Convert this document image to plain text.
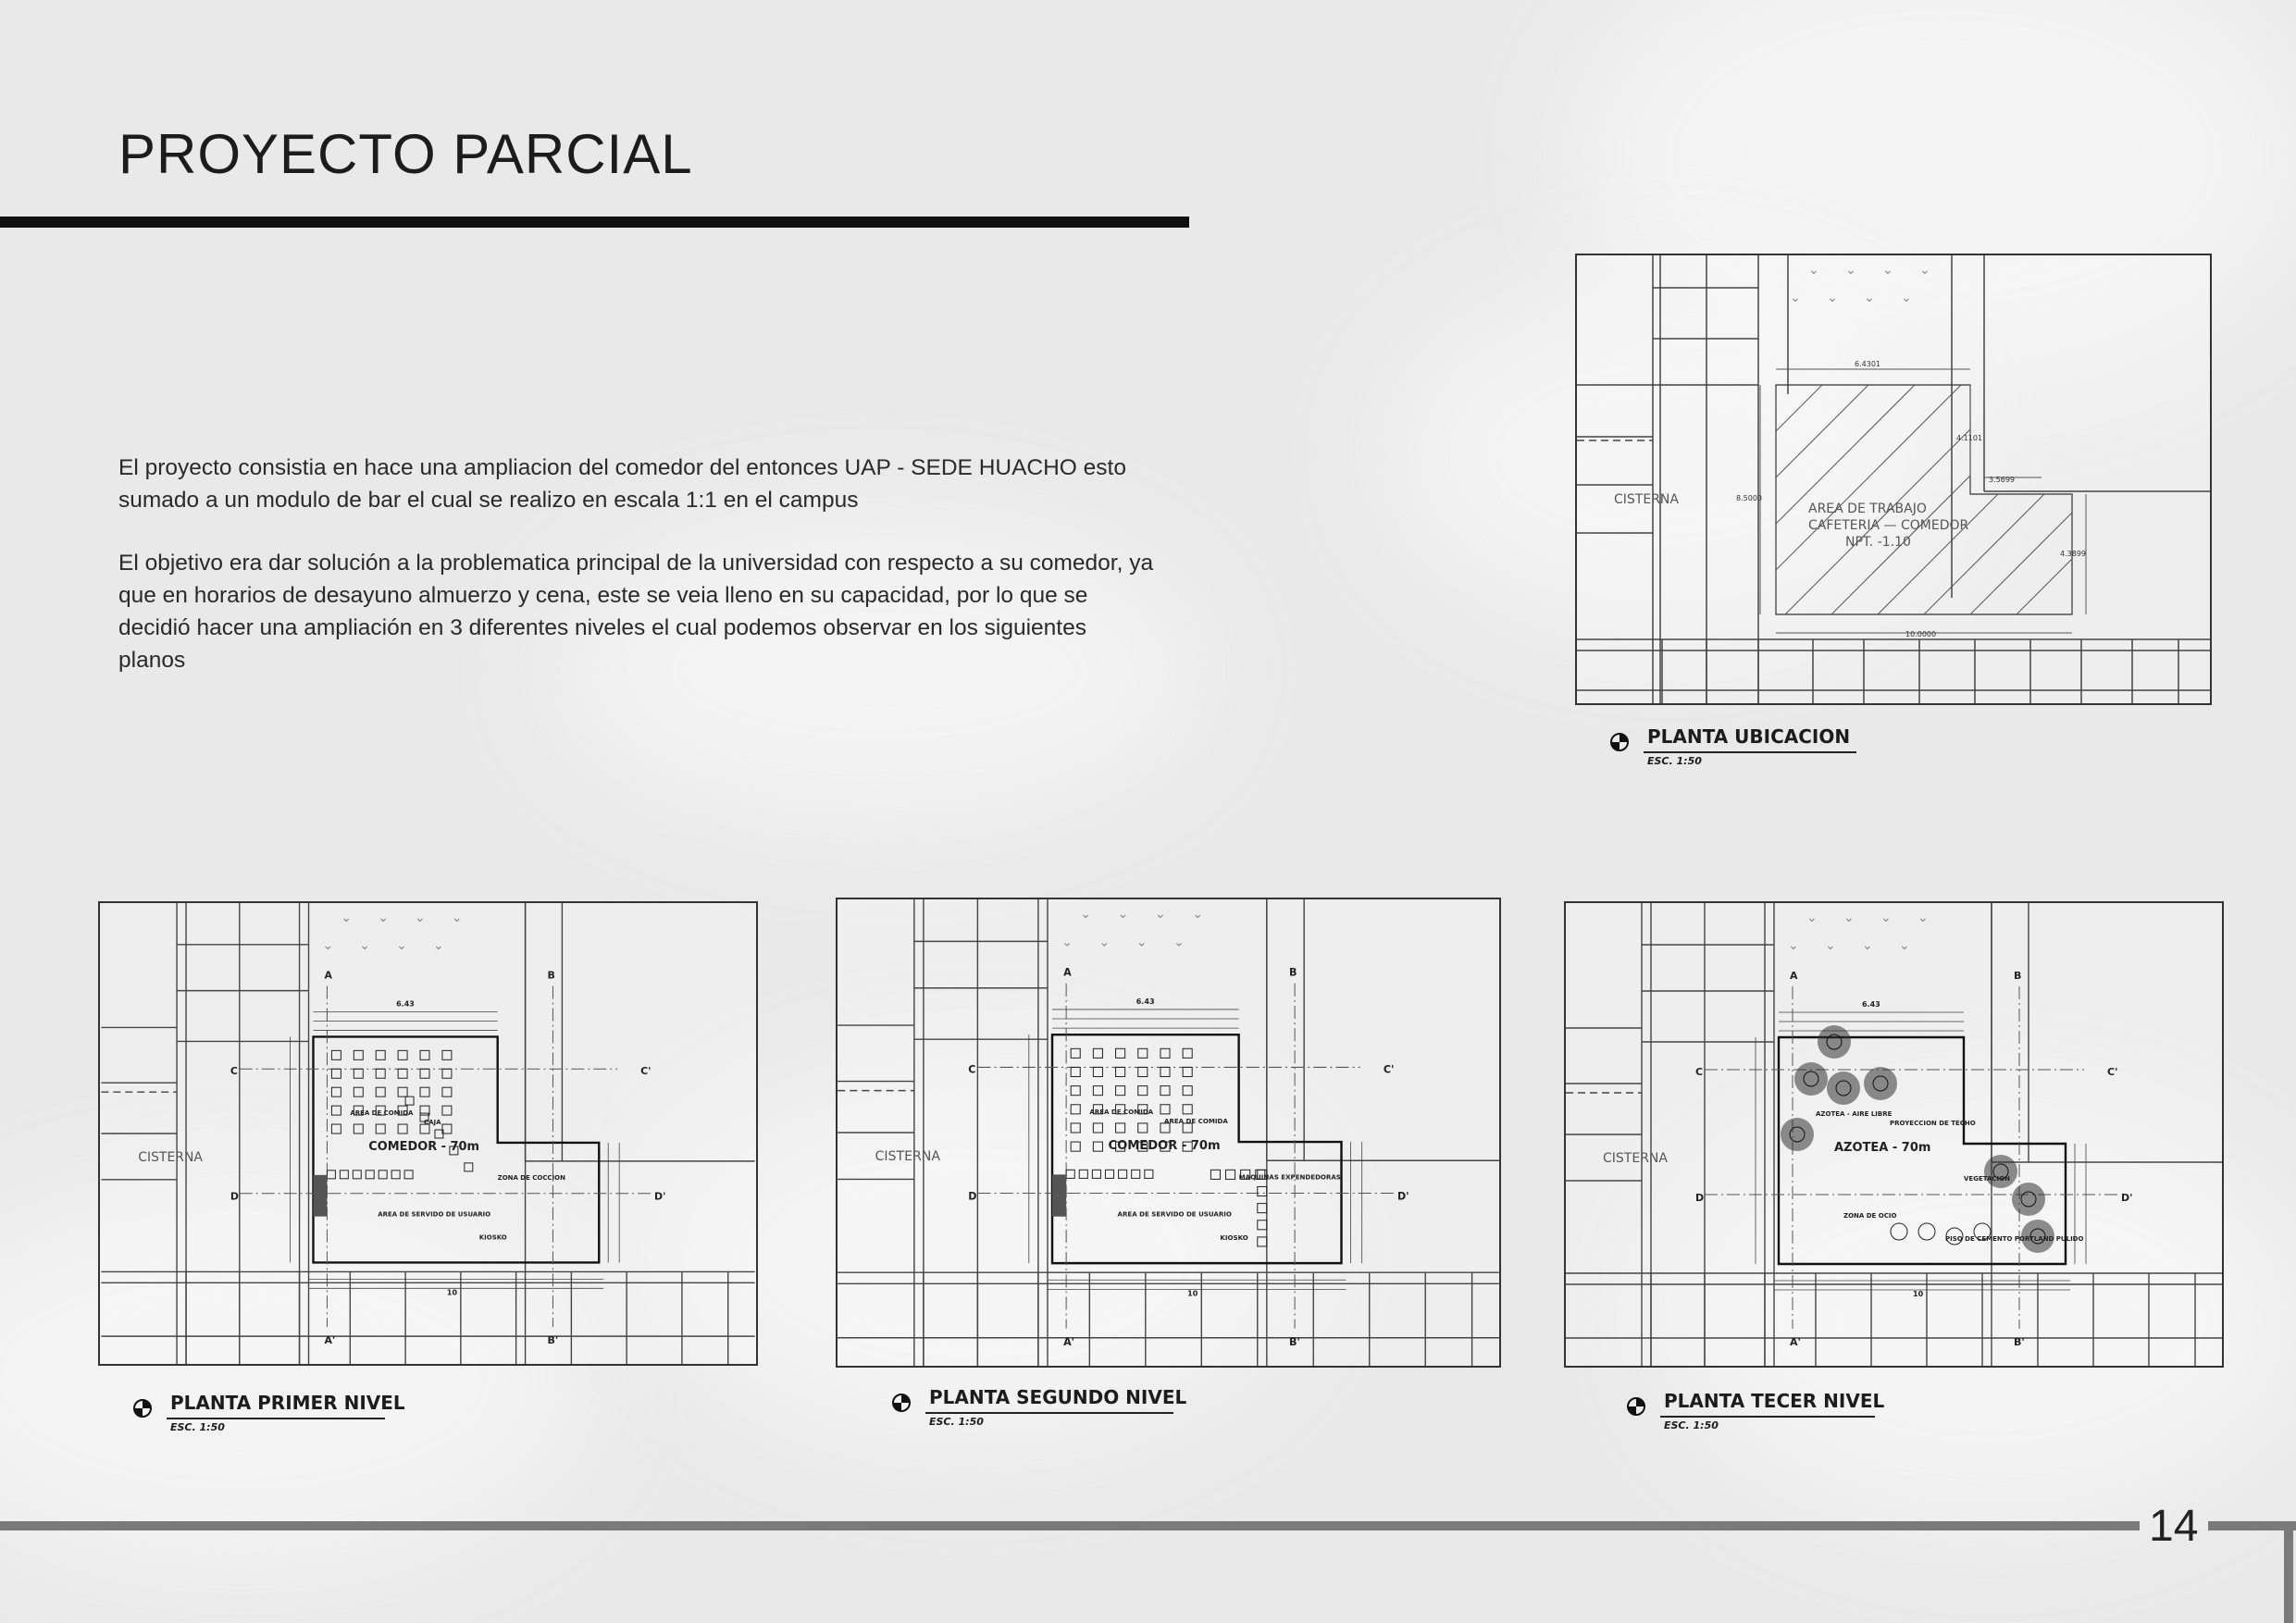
PROYECTO PARCIAL

El proyecto consistia en hace una ampliacion del comedor del entonces UAP - SEDE HUACHO esto sumado a un modulo de bar el cual se realizo en escala 1:1 en el campus

El objetivo era dar solución a la problematica principal de la universidad con respecto a su comedor, ya que en horarios de desayuno almuerzo y cena, este se veia lleno en su capacidad, por lo que se decidió hacer una ampliación en 3 diferentes niveles el cual podemos observar en los siguientes planos

⌄ ⌄ ⌄ ⌄
⌄ ⌄ ⌄ ⌄
CISTERNA
AREA DE TRABAJO
CAFETERIA — COMEDOR
NPT. -1.10
6.4301
10.0000
8.5000
4.1101
3.5699
4.3899
PLANTA UBICACION
ESC. 1:50
⌄ ⌄ ⌄ ⌄
⌄ ⌄ ⌄ ⌄
CISTERNA
COMEDOR - 70m
AREA DE COMIDA
AREA DE SERVIDO DE USUARIO
ZONA DE COCCION
KIOSKO
CAJA
10
6.43
A	B
C	C'
D	D'
A'	B'
PLANTA PRIMER NIVEL
ESC. 1:50
⌄ ⌄ ⌄ ⌄
⌄ ⌄ ⌄ ⌄
CISTERNA
COMEDOR - 70m
AREA DE COMIDA
AREA DE SERVIDO DE USUARIO
MAQUINAS EXPENDEDORAS
KIOSKO
AREA DE COMIDA
10
6.43
A	B
C	C'
D	D'
A'	B'
PLANTA SEGUNDO NIVEL
ESC. 1:50
⌄ ⌄ ⌄ ⌄
⌄ ⌄ ⌄ ⌄
CISTERNA
AZOTEA - 70m
AZOTEA - AIRE LIBRE
ZONA DE OCIO
VEGETACION
PISO DE CEMENTO PORTLAND PULIDO
PROYECCION DE TECHO
10
6.43
A	B
C	C'
D	D'
A'	B'
PLANTA TECER NIVEL
ESC. 1:50
14
